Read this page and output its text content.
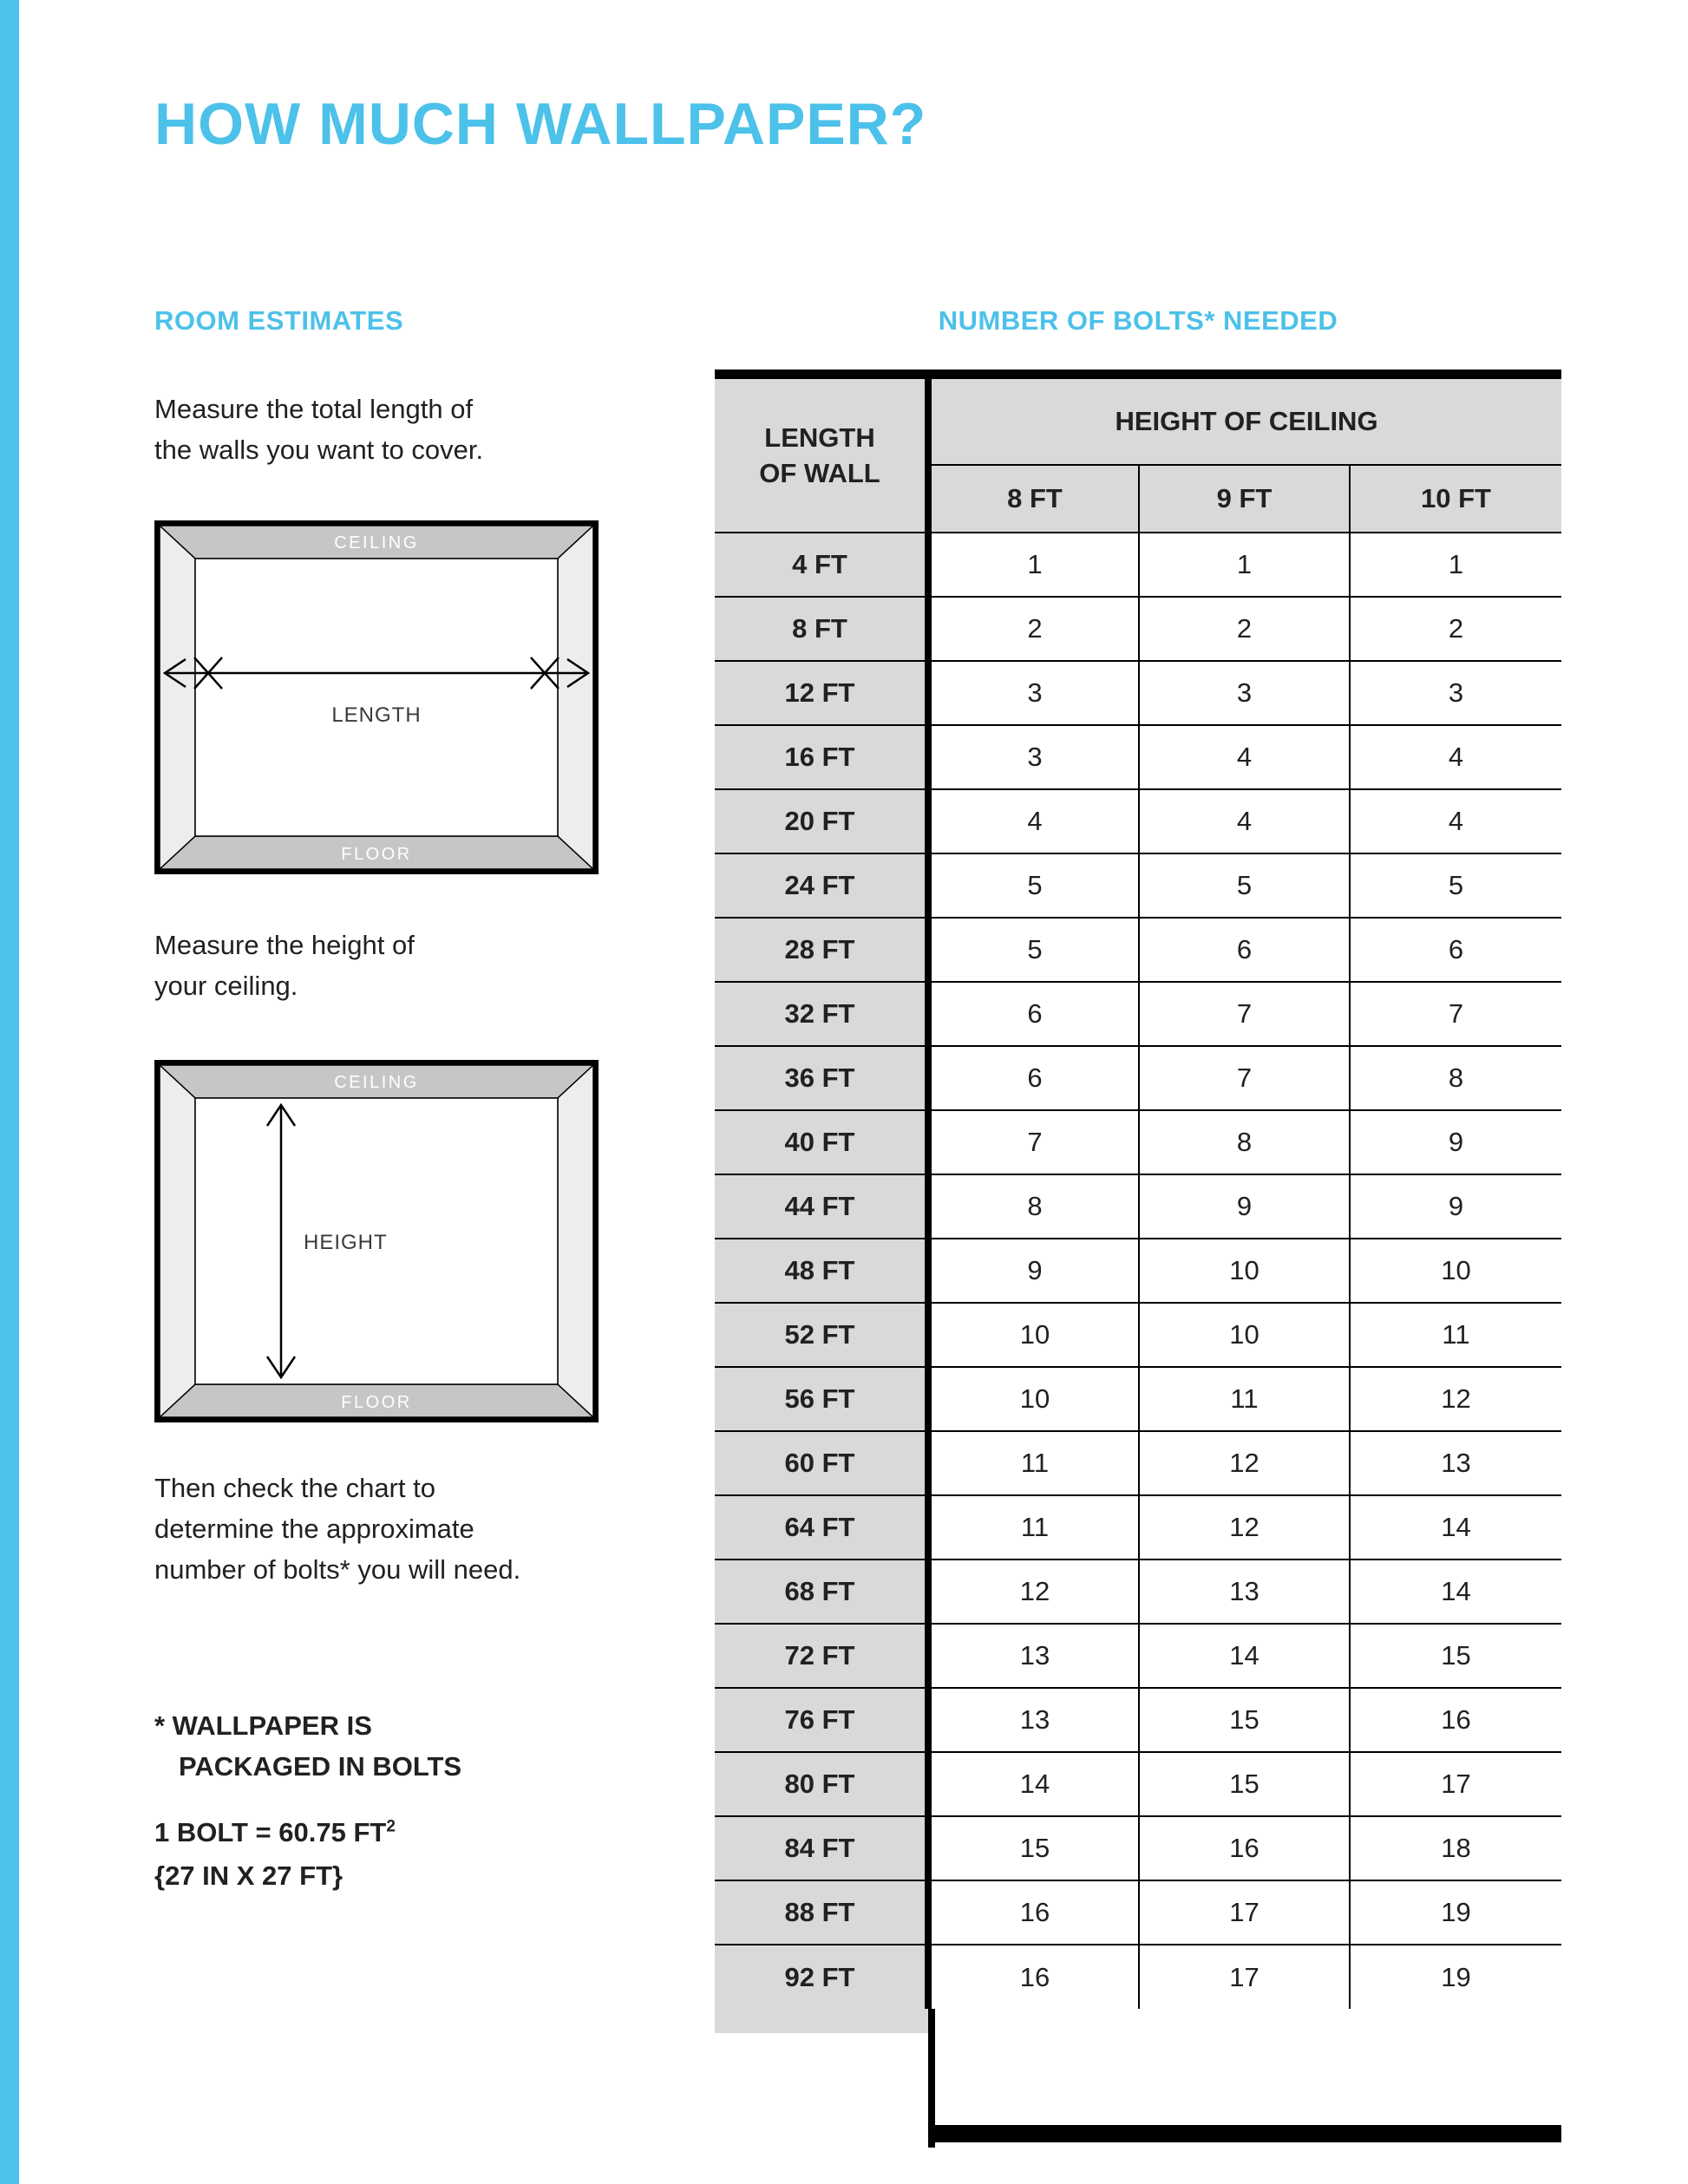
HOW MUCH WALLPAPER?
ROOM ESTIMATES	NUMBER OF BOLTS* NEEDED

Measure the total length of
the walls you want to cover.

CEILING
FLOOR
LENGTH

Measure the height of
your ceiling.

CEILING
FLOOR
HEIGHT

Then check the chart to
determine the approximate
number of bolts* you will need.

* WALLPAPER IS
PACKAGED IN BOLTS

1 BOLT = 60.75 $FT^2$
{27 IN X 27 FT}

LENGTH
OF WALL	HEIGHT OF CEILING		
	8 FT	9 FT	10 FT
4 FT	1	1	1
8 FT	2	2	2
12 FT	3	3	3
16 FT	3	4	4
20 FT	4	4	4
24 FT	5	5	5
28 FT	5	6	6
32 FT	6	7	7
36 FT	6	7	8
40 FT	7	8	9
44 FT	8	9	9
48 FT	9	10	10
52 FT	10	10	11
56 FT	10	11	12
60 FT	11	12	13
64 FT	11	12	14
68 FT	12	13	14
72 FT	13	14	15
76 FT	13	15	16
80 FT	14	15	17
84 FT	15	16	18
88 FT	16	17	19
92 FT	16	17	19
